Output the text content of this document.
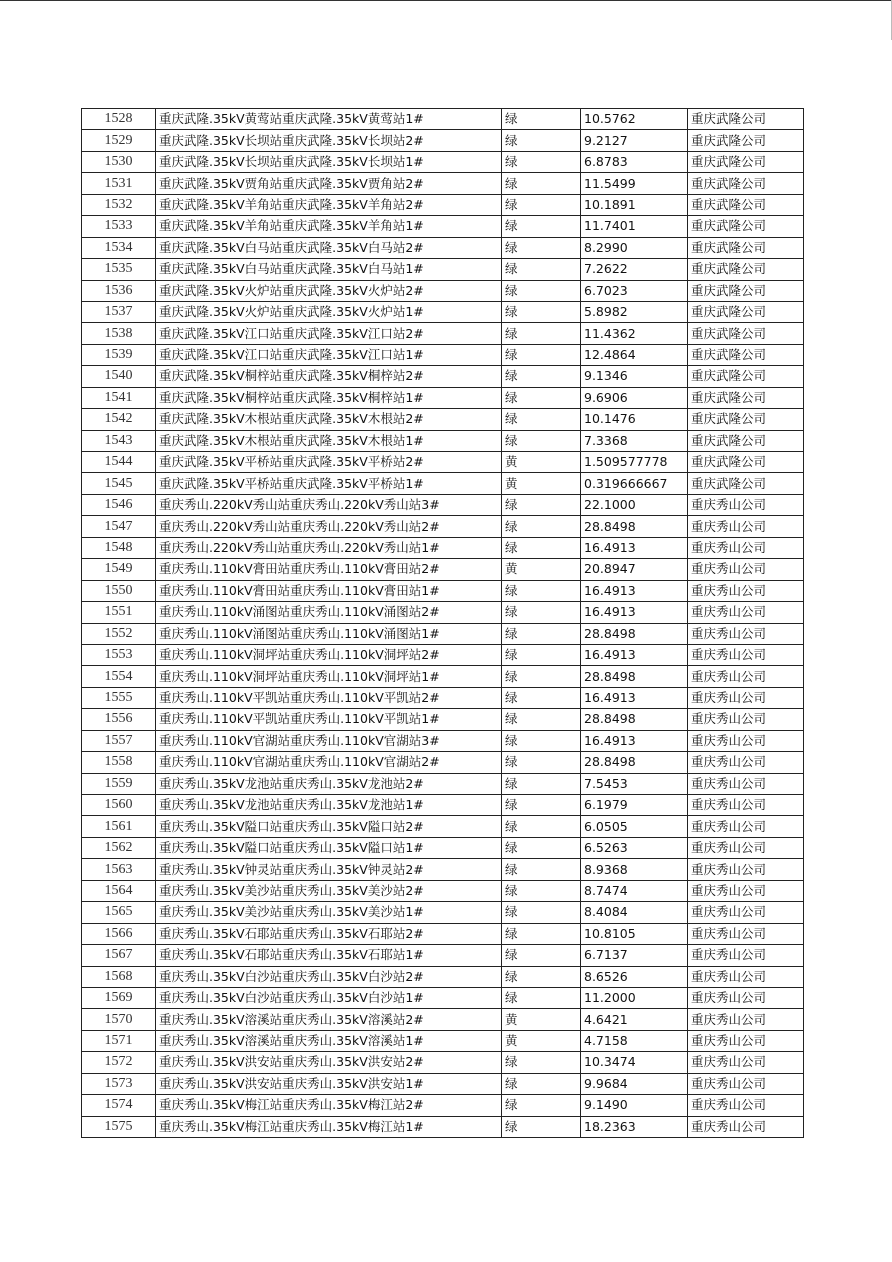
1528	重庆武隆.35kV黄莺站重庆武隆.35kV黄莺站1#	绿	10.5762	重庆武隆公司
1529	重庆武隆.35kV长坝站重庆武隆.35kV长坝站2#	绿	9.2127	重庆武隆公司
1530	重庆武隆.35kV长坝站重庆武隆.35kV长坝站1#	绿	6.8783	重庆武隆公司
1531	重庆武隆.35kV贾角站重庆武隆.35kV贾角站2#	绿	11.5499	重庆武隆公司
1532	重庆武隆.35kV羊角站重庆武隆.35kV羊角站2#	绿	10.1891	重庆武隆公司
1533	重庆武隆.35kV羊角站重庆武隆.35kV羊角站1#	绿	11.7401	重庆武隆公司
1534	重庆武隆.35kV白马站重庆武隆.35kV白马站2#	绿	8.2990	重庆武隆公司
1535	重庆武隆.35kV白马站重庆武隆.35kV白马站1#	绿	7.2622	重庆武隆公司
1536	重庆武隆.35kV火炉站重庆武隆.35kV火炉站2#	绿	6.7023	重庆武隆公司
1537	重庆武隆.35kV火炉站重庆武隆.35kV火炉站1#	绿	5.8982	重庆武隆公司
1538	重庆武隆.35kV江口站重庆武隆.35kV江口站2#	绿	11.4362	重庆武隆公司
1539	重庆武隆.35kV江口站重庆武隆.35kV江口站1#	绿	12.4864	重庆武隆公司
1540	重庆武隆.35kV桐梓站重庆武隆.35kV桐梓站2#	绿	9.1346	重庆武隆公司
1541	重庆武隆.35kV桐梓站重庆武隆.35kV桐梓站1#	绿	9.6906	重庆武隆公司
1542	重庆武隆.35kV木根站重庆武隆.35kV木根站2#	绿	10.1476	重庆武隆公司
1543	重庆武隆.35kV木根站重庆武隆.35kV木根站1#	绿	7.3368	重庆武隆公司
1544	重庆武隆.35kV平桥站重庆武隆.35kV平桥站2#	黄	1.509577778	重庆武隆公司
1545	重庆武隆.35kV平桥站重庆武隆.35kV平桥站1#	黄	0.319666667	重庆武隆公司
1546	重庆秀山.220kV秀山站重庆秀山.220kV秀山站3#	绿	22.1000	重庆秀山公司
1547	重庆秀山.220kV秀山站重庆秀山.220kV秀山站2#	绿	28.8498	重庆秀山公司
1548	重庆秀山.220kV秀山站重庆秀山.220kV秀山站1#	绿	16.4913	重庆秀山公司
1549	重庆秀山.110kV膏田站重庆秀山.110kV膏田站2#	黄	20.8947	重庆秀山公司
1550	重庆秀山.110kV膏田站重庆秀山.110kV膏田站1#	绿	16.4913	重庆秀山公司
1551	重庆秀山.110kV涌图站重庆秀山.110kV涌图站2#	绿	16.4913	重庆秀山公司
1552	重庆秀山.110kV涌图站重庆秀山.110kV涌图站1#	绿	28.8498	重庆秀山公司
1553	重庆秀山.110kV洞坪站重庆秀山.110kV洞坪站2#	绿	16.4913	重庆秀山公司
1554	重庆秀山.110kV洞坪站重庆秀山.110kV洞坪站1#	绿	28.8498	重庆秀山公司
1555	重庆秀山.110kV平凯站重庆秀山.110kV平凯站2#	绿	16.4913	重庆秀山公司
1556	重庆秀山.110kV平凯站重庆秀山.110kV平凯站1#	绿	28.8498	重庆秀山公司
1557	重庆秀山.110kV官湖站重庆秀山.110kV官湖站3#	绿	16.4913	重庆秀山公司
1558	重庆秀山.110kV官湖站重庆秀山.110kV官湖站2#	绿	28.8498	重庆秀山公司
1559	重庆秀山.35kV龙池站重庆秀山.35kV龙池站2#	绿	7.5453	重庆秀山公司
1560	重庆秀山.35kV龙池站重庆秀山.35kV龙池站1#	绿	6.1979	重庆秀山公司
1561	重庆秀山.35kV隘口站重庆秀山.35kV隘口站2#	绿	6.0505	重庆秀山公司
1562	重庆秀山.35kV隘口站重庆秀山.35kV隘口站1#	绿	6.5263	重庆秀山公司
1563	重庆秀山.35kV钟灵站重庆秀山.35kV钟灵站2#	绿	8.9368	重庆秀山公司
1564	重庆秀山.35kV美沙站重庆秀山.35kV美沙站2#	绿	8.7474	重庆秀山公司
1565	重庆秀山.35kV美沙站重庆秀山.35kV美沙站1#	绿	8.4084	重庆秀山公司
1566	重庆秀山.35kV石耶站重庆秀山.35kV石耶站2#	绿	10.8105	重庆秀山公司
1567	重庆秀山.35kV石耶站重庆秀山.35kV石耶站1#	绿	6.7137	重庆秀山公司
1568	重庆秀山.35kV白沙站重庆秀山.35kV白沙站2#	绿	8.6526	重庆秀山公司
1569	重庆秀山.35kV白沙站重庆秀山.35kV白沙站1#	绿	11.2000	重庆秀山公司
1570	重庆秀山.35kV溶溪站重庆秀山.35kV溶溪站2#	黄	4.6421	重庆秀山公司
1571	重庆秀山.35kV溶溪站重庆秀山.35kV溶溪站1#	黄	4.7158	重庆秀山公司
1572	重庆秀山.35kV洪安站重庆秀山.35kV洪安站2#	绿	10.3474	重庆秀山公司
1573	重庆秀山.35kV洪安站重庆秀山.35kV洪安站1#	绿	9.9684	重庆秀山公司
1574	重庆秀山.35kV梅江站重庆秀山.35kV梅江站2#	绿	9.1490	重庆秀山公司
1575	重庆秀山.35kV梅江站重庆秀山.35kV梅江站1#	绿	18.2363	重庆秀山公司
